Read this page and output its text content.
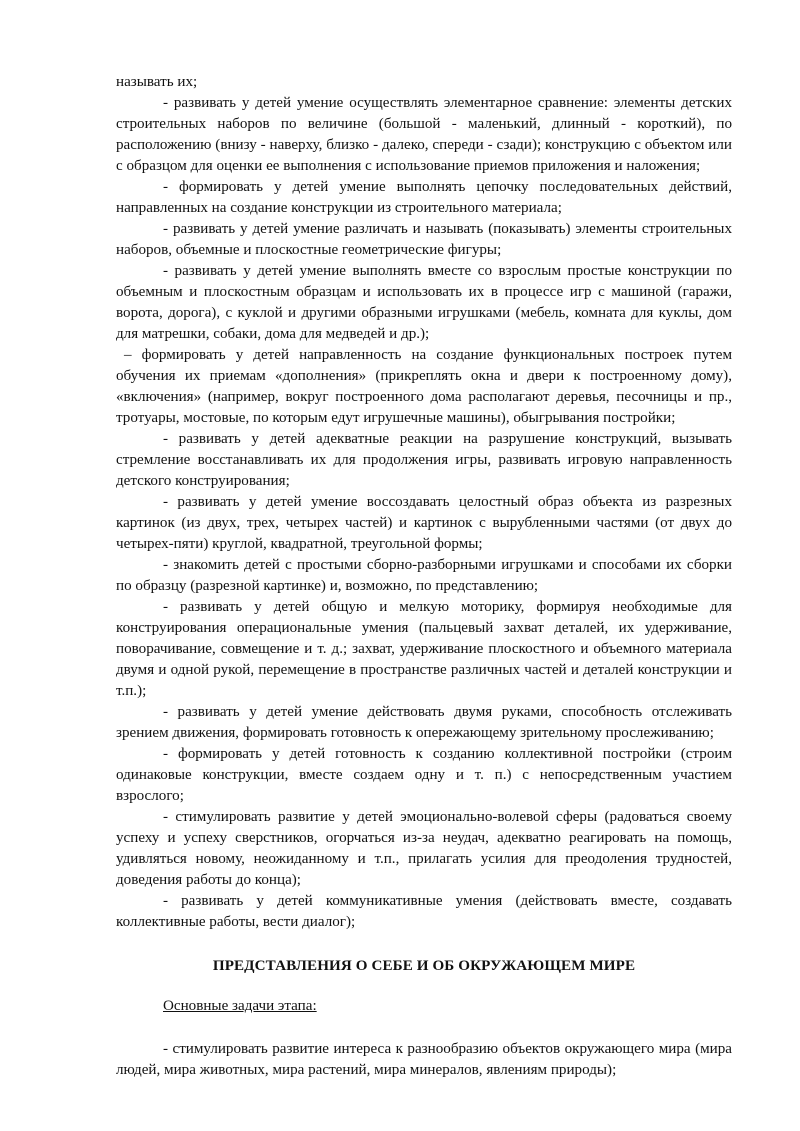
называть их;

- развивать у детей умение осуществлять элементарное сравнение: элементы детских строительных наборов по величине (большой - маленький, длинный - короткий), по расположению (внизу - наверху, близко - далеко, спереди - сзади); конструкцию с объектом или с образцом для оценки ее выполнения с использование приемов приложения и наложения;

- формировать у детей умение выполнять цепочку последовательных действий, направленных на создание конструкции из строительного материала;

- развивать у детей умение различать и называть (показывать) элементы строительных наборов, объемные и плоскостные геометрические фигуры;

- развивать у детей умение выполнять вместе со взрослым простые конструкции по объемным и плоскостным образцам и использовать их в процессе игр с машиной (гаражи, ворота, дорога), с куклой и другими образными игрушками (мебель, комната для куклы, дом для матрешки, собаки, дома для медведей и др.);

– формировать у детей направленность на создание функциональных построек путем обучения их приемам «дополнения» (прикреплять окна и двери к построенному дому), «включения» (например, вокруг построенного дома располагают деревья, песочницы и пр., тротуары, мостовые, по которым едут игрушечные машины), обыгрывания постройки;

- развивать у детей адекватные реакции на разрушение конструкций, вызывать стремление восстанавливать их для продолжения игры, развивать игровую направленность детского конструирования;

- развивать у детей умение воссоздавать целостный образ объекта из разрезных картинок (из двух, трех, четырех частей) и картинок с вырубленными частями (от двух до четырех-пяти) круглой, квадратной, треугольной формы;

- знакомить детей с простыми сборно-разборными игрушками и способами их сборки по образцу (разрезной картинке) и, возможно, по представлению;

- развивать у детей общую и мелкую моторику, формируя необходимые для конструирования операциональные умения (пальцевый захват деталей, их удерживание, поворачивание, совмещение и т. д.; захват, удерживание плоскостного и объемного материала двумя и одной рукой, перемещение в пространстве различных частей и деталей конструкции и т.п.);

- развивать у детей умение действовать двумя руками, способность отслеживать зрением движения, формировать готовность к опережающему зрительному прослеживанию;

- формировать у детей готовность к созданию коллективной постройки (строим одинаковые конструкции, вместе создаем одну и т. п.) с непосредственным участием взрослого;

- стимулировать развитие у детей эмоционально-волевой сферы (радоваться своему успеху и успеху сверстников, огорчаться из-за неудач, адекватно реагировать на помощь, удивляться новому, неожиданному и т.п., прилагать усилия для преодоления трудностей, доведения работы до конца);

- развивать у детей коммуникативные умения (действовать вместе, создавать коллективные работы, вести диалог);

ПРЕДСТАВЛЕНИЯ О СЕБЕ И ОБ ОКРУЖАЮЩЕМ МИРЕ

Основные задачи этапа:

- стимулировать развитие интереса к разнообразию объектов окружающего мира (мира людей, мира животных, мира растений, мира минералов, явлениям природы);
